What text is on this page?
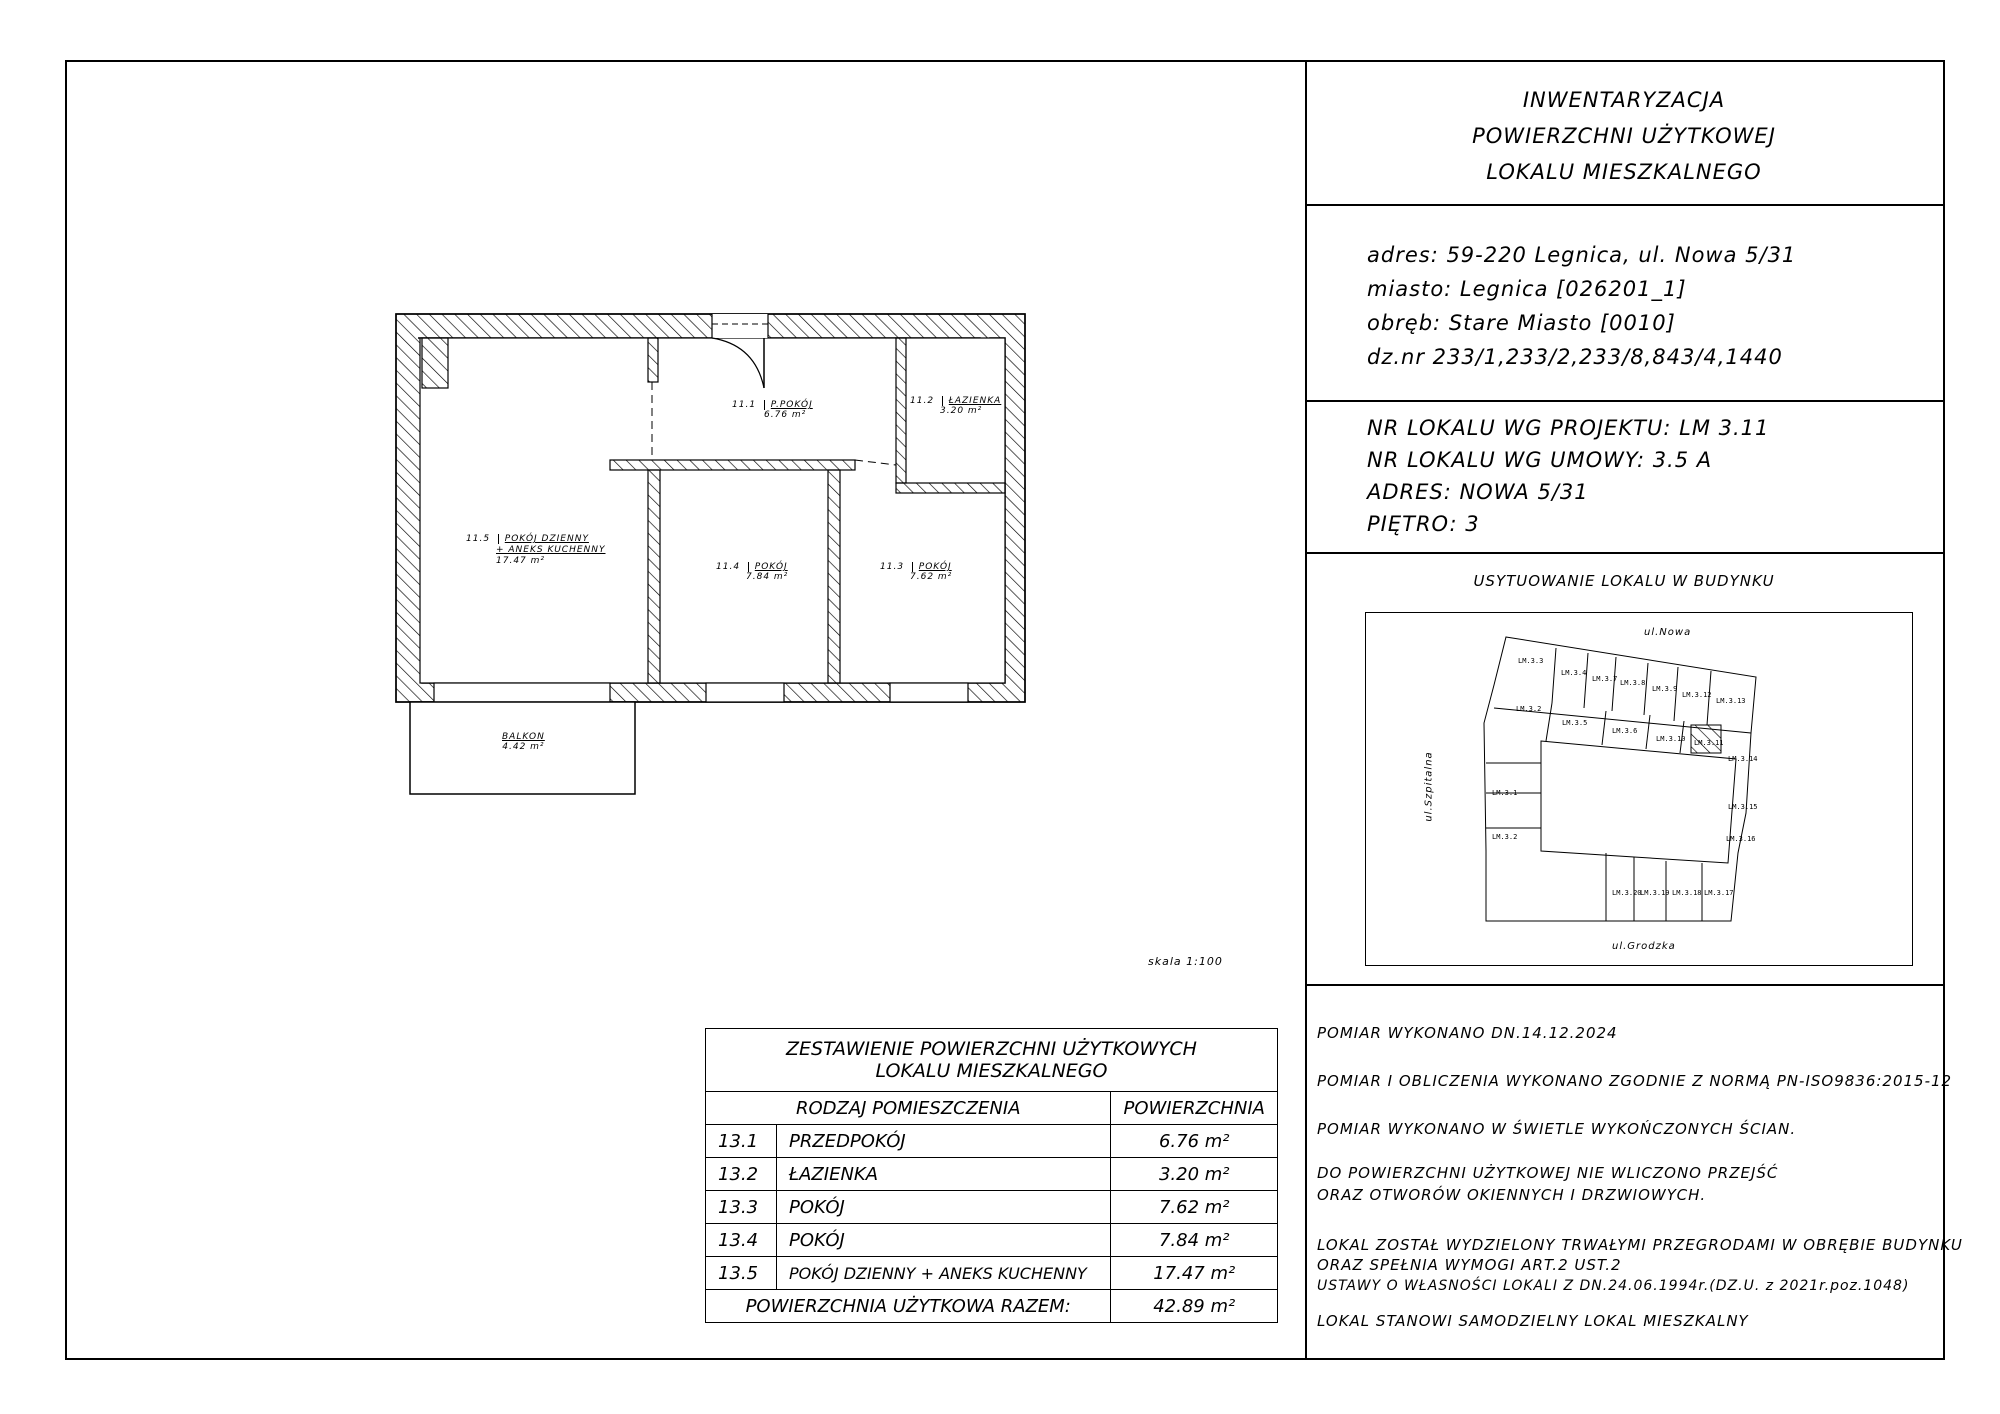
11.1 P.POKÓJ
6.76 m²
11.2 ŁAZIENKA
3.20 m²
11.3 POKÓJ
7.62 m²
11.4 POKÓJ
7.84 m²
11.5 POKÓJ DZIENNY
+ ANEKS KUCHENNY
17.47 m²
BALKON
4.42 m²
skala 1:100
ZESTAWIENIE POWIERZCHNI UŻYTKOWYCH
LOKALU MIESZKALNEGO		
RODZAJ POMIESZCZENIA		POWIERZCHNIA
13.1	PRZEDPOKÓJ	6.76 m²
13.2	ŁAZIENKA	3.20 m²
13.3	POKÓJ	7.62 m²
13.4	POKÓJ	7.84 m²
13.5	POKÓJ DZIENNY + ANEKS KUCHENNY	17.47 m²
POWIERZCHNIA UŻYTKOWA RAZEM:		42.89 m²
INWENTARYZACJA
POWIERZCHNI UŻYTKOWEJ
LOKALU MIESZKALNEGO
adres: 59-220 Legnica, ul. Nowa 5/31
miasto: Legnica [026201_1]
obręb: Stare Miasto [0010]
dz.nr 233/1,233/2,233/8,843/4,1440
NR LOKALU WG PROJEKTU: LM 3.11
NR LOKALU WG UMOWY: 3.5 A
ADRES: NOWA 5/31
PIĘTRO: 3
USYTUOWANIE LOKALU W BUDYNKU
ul.Nowa
ul.Szpitalna
ul.Grodzka
LM.3.3
LM.3.4
LM.3.7 LM.3.8
LM.3.9
LM.3.12
LM.3.13
LM.3.2
LM.3.5
LM.3.6
LM.3.10 LM.3.11
LM.3.14
LM.3.1
LM.3.15
LM.3.2	LM.3.16
LM.3.20
LM.3.19 LM.3.18 LM.3.17
POMIAR WYKONANO DN.14.12.2024
POMIAR I OBLICZENIA WYKONANO ZGODNIE Z NORMĄ PN-ISO9836:2015-12
POMIAR WYKONANO W ŚWIETLE WYKOŃCZONYCH ŚCIAN.
DO POWIERZCHNI UŻYTKOWEJ NIE WLICZONO PRZEJŚĆ
ORAZ OTWORÓW OKIENNYCH I DRZWIOWYCH.
LOKAL ZOSTAŁ WYDZIELONY TRWAŁYMI PRZEGRODAMI W OBRĘBIE BUDYNKU
ORAZ SPEŁNIA WYMOGI ART.2 UST.2
USTAWY O WŁASNOŚCI LOKALI Z DN.24.06.1994r.(DZ.U. z 2021r.poz.1048)
LOKAL STANOWI SAMODZIELNY LOKAL MIESZKALNY
